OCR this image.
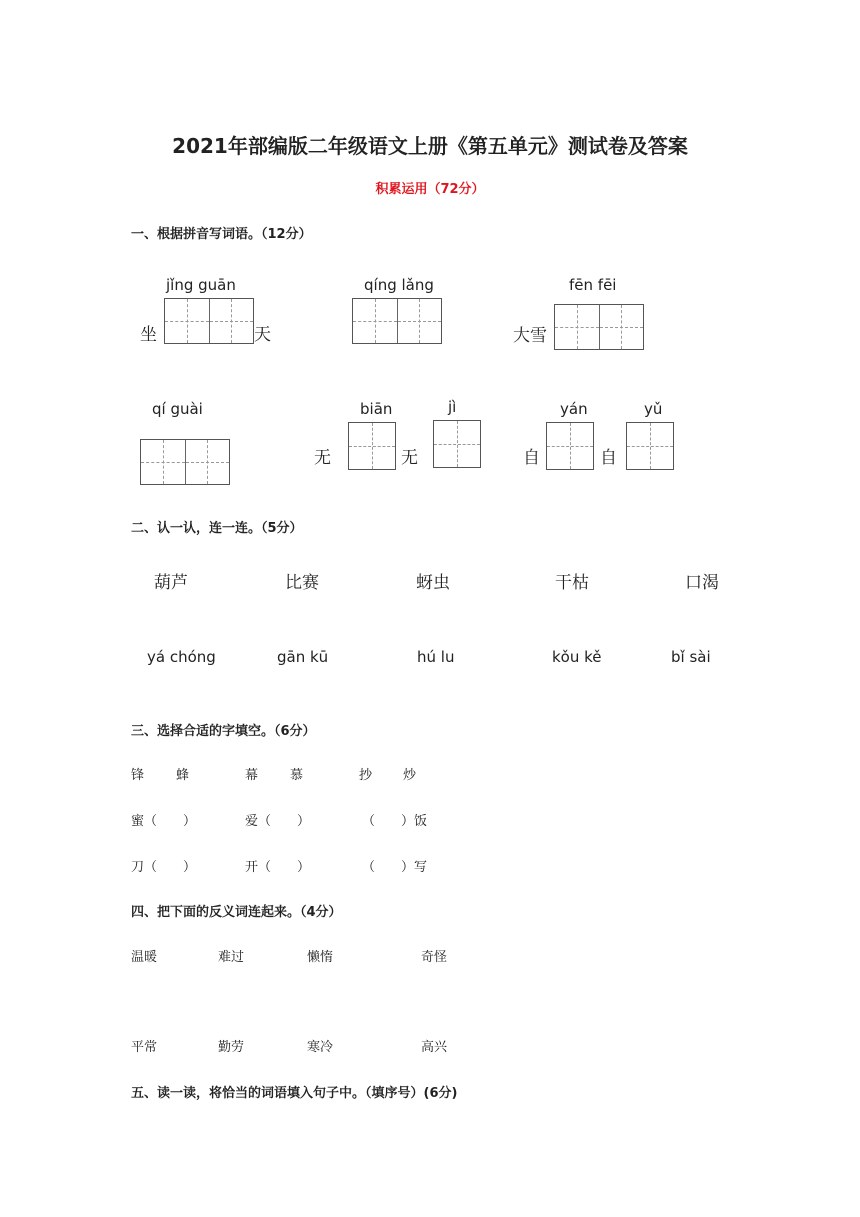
2021年部编版二年级语文上册《第五单元》测试卷及答案
积累运用（72分）
一、根据拼音写词语。（12分）
jǐng guān
坐	天
qíng lǎng	fēn fēi
大雪
qí guài	biān
无	无
jì	yán
自	自
yǔ
二、认一认，连一连。（5分）
葫芦	比赛	蚜虫	干枯	口渴
yá chóng	gān kū	hú lu	kǒu kě	bǐ sài
三、选择合适的字填空。（6分）
锋 蜂	幕 慕	抄 炒
蜜（　　）	爱（　　）	（　　）饭
刀（　　）	开（　　）	（　　）写
四、把下面的反义词连起来。（4分）
温暖	难过	懒惰	奇怪
平常	勤劳	寒冷	高兴
五、读一读，将恰当的词语填入句子中。（填序号）(6分)
